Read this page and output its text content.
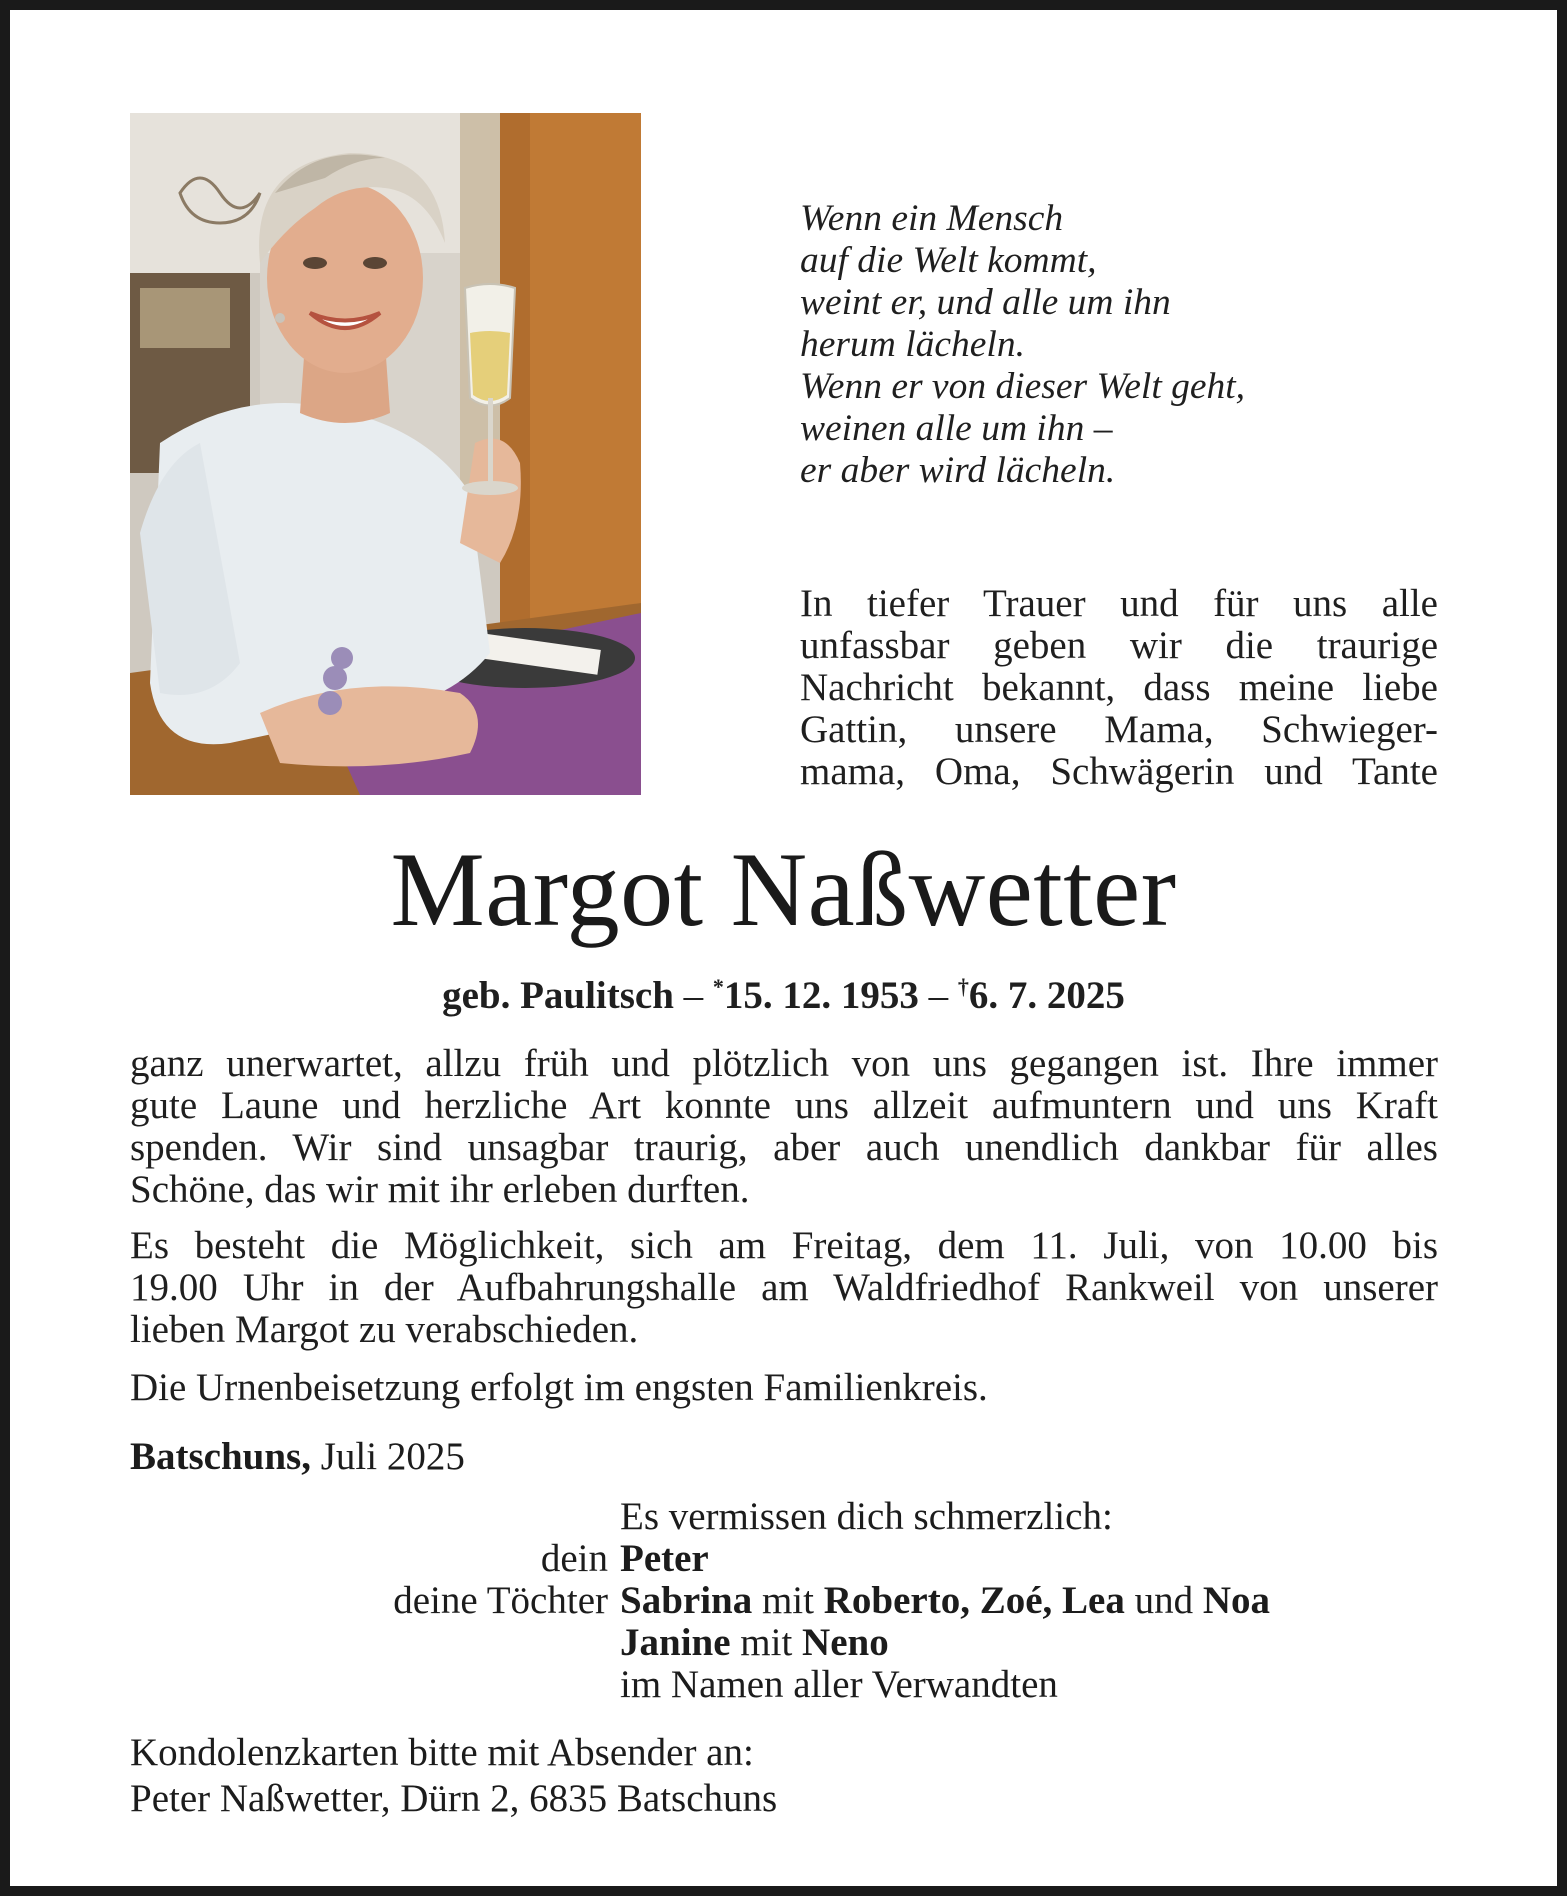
Wenn ein Mensch
auf die Welt kommt,
weint er, und alle um ihn
herum lächeln.
Wenn er von dieser Welt geht,
weinen alle um ihn –
er aber wird lächeln.
In tiefer Trauer und für uns alle
unfassbar geben wir die traurige
Nachricht bekannt, dass meine liebe
Gattin, unsere Mama, Schwieger-
mama, Oma, Schwägerin und Tante
Margot Naßwetter
geb. Paulitsch – *15. 12. 1953 – †6. 7. 2025
ganz unerwartet, allzu früh und plötzlich von uns gegangen ist. Ihre immer
gute Laune und herzliche Art konnte uns allzeit aufmuntern und uns Kraft
spenden. Wir sind unsagbar traurig, aber auch unendlich dankbar für alles
Schöne, das wir mit ihr erleben durften.
Es besteht die Möglichkeit, sich am Freitag, dem 11. Juli, von 10.00 bis
19.00 Uhr in der Aufbahrungshalle am Waldfriedhof Rankweil von unserer
lieben Margot zu verabschieden.
Die Urnenbeisetzung erfolgt im engsten Familienkreis.
Batschuns, Juli 2025
Es vermissen dich schmerzlich:
dein Peter
deine Töchter Sabrina mit Roberto, Zoé, Lea und Noa
Janine mit Neno
im Namen aller Verwandten
Kondolenzkarten bitte mit Absender an:
Peter Naßwetter, Dürn 2, 6835 Batschuns
